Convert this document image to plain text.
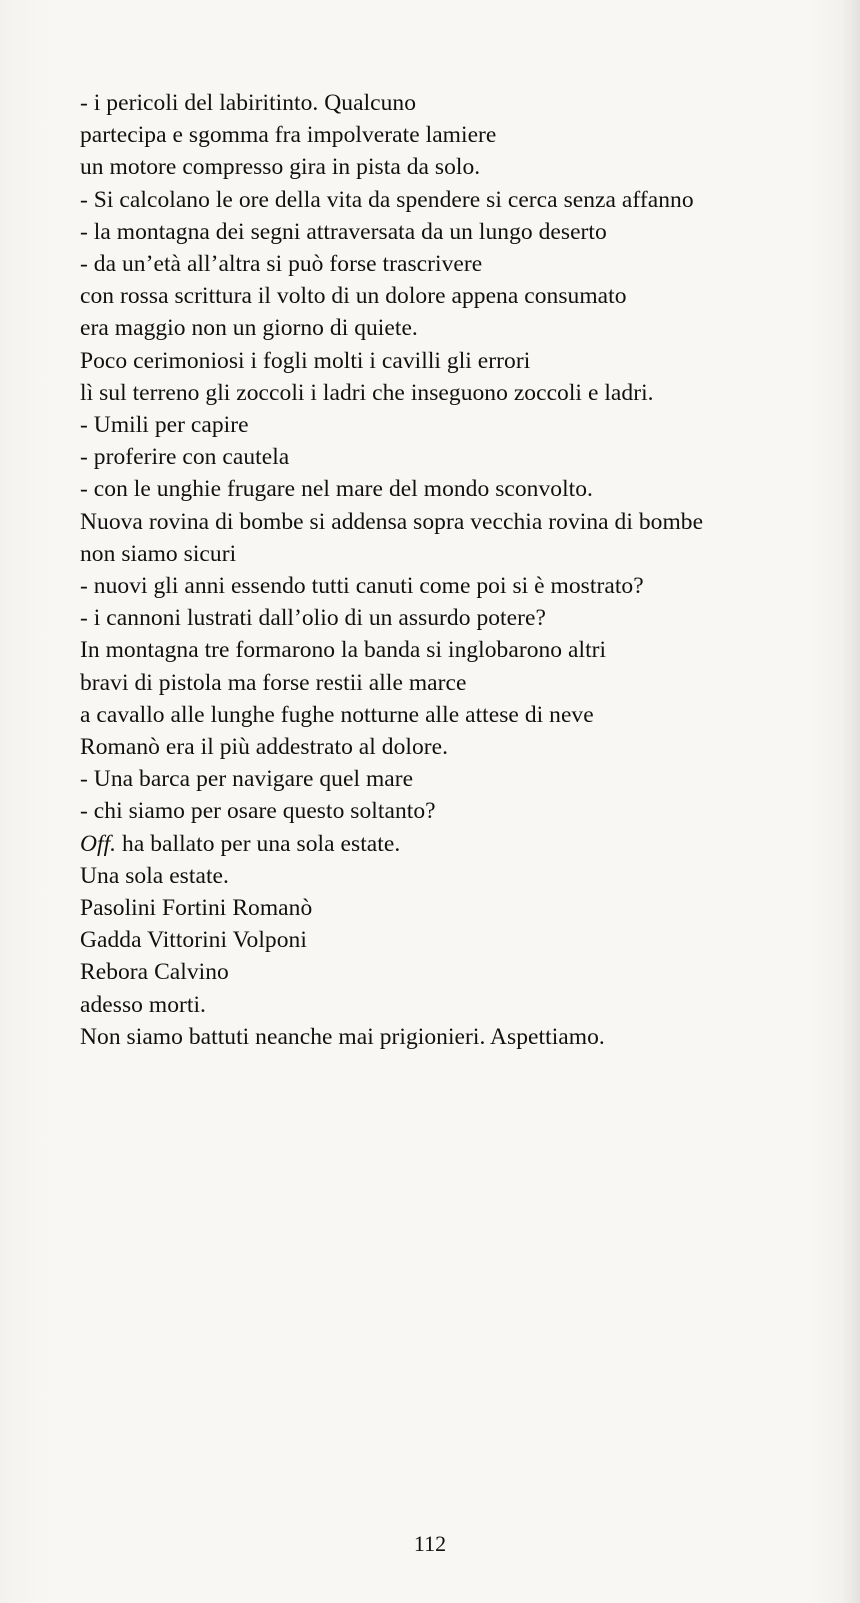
- i pericoli del labiritinto. Qualcuno
partecipa e sgomma fra impolverate lamiere
un motore compresso gira in pista da solo.
- Si calcolano le ore della vita da spendere si cerca senza affanno
- la montagna dei segni attraversata da un lungo deserto
- da un’età all’altra si può forse trascrivere
con rossa scrittura il volto di un dolore appena consumato
era maggio non un giorno di quiete.
Poco cerimoniosi i fogli molti i cavilli gli errori
lì sul terreno gli zoccoli i ladri che inseguono zoccoli e ladri.
- Umili per capire
- proferire con cautela
- con le unghie frugare nel mare del mondo sconvolto.
Nuova rovina di bombe si addensa sopra vecchia rovina di bombe
non siamo sicuri
- nuovi gli anni essendo tutti canuti come poi si è mostrato?
- i cannoni lustrati dall’olio di un assurdo potere?
In montagna tre formarono la banda si inglobarono altri
bravi di pistola ma forse restii alle marce
a cavallo alle lunghe fughe notturne alle attese di neve
Romanò era il più addestrato al dolore.
- Una barca per navigare quel mare
- chi siamo per osare questo soltanto?
Off. ha ballato per una sola estate.
Una sola estate.
Pasolini Fortini Romanò
Gadda Vittorini Volponi
Rebora Calvino
adesso morti.
Non siamo battuti neanche mai prigionieri. Aspettiamo.
112
